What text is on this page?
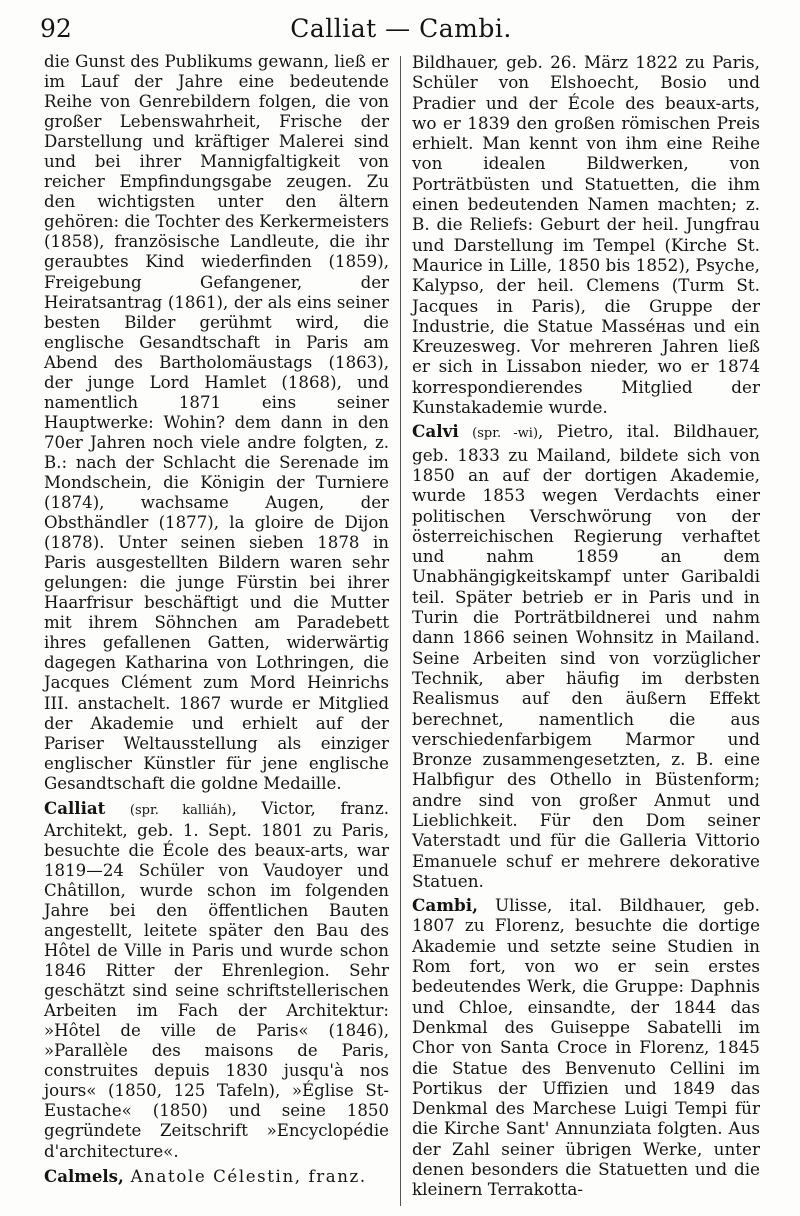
92	Calliat — Cambi.

die Gunst des Publikums gewann, ließ er im Lauf der Jahre eine bedeutende Reihe von Genrebildern folgen, die von großer Lebenswahrheit, Frische der Darstellung und kräftiger Malerei sind und bei ihrer Mannigfaltigkeit von reicher Empfindungsgabe zeugen. Zu den wichtigsten unter den ältern gehören: die Tochter des Kerkermeisters (1858), französische Landleute, die ihr geraubtes Kind wiederfinden (1859), Freigebung Gefangener, der Heiratsantrag (1861), der als eins seiner besten Bilder gerühmt wird, die englische Gesandtschaft in Paris am Abend des Bartholomäustags (1863), der junge Lord Hamlet (1868), und namentlich 1871 eins seiner Hauptwerke: Wohin? dem dann in den 70er Jahren noch viele andre folgten, z. B.: nach der Schlacht die Serenade im Mondschein, die Königin der Turniere (1874), wachsame Augen, der Obsthändler (1877), la gloire de Dijon (1878). Unter seinen sieben 1878 in Paris ausgestellten Bildern waren sehr gelungen: die junge Fürstin bei ihrer Haarfrisur beschäftigt und die Mutter mit ihrem Söhnchen am Paradebett ihres gefallenen Gatten, widerwärtig dagegen Katharina von Lothringen, die Jacques Clément zum Mord Heinrichs III. anstachelt. 1867 wurde er Mitglied der Akademie und erhielt auf der Pariser Weltausstellung als einziger englischer Künstler für jene englische Gesandtschaft die goldne Medaille.

Calliat (spr. kalliáh), Victor, franz. Architekt, geb. 1. Sept. 1801 zu Paris, besuchte die École des beaux-arts, war 1819—24 Schüler von Vaudoyer und Châtillon, wurde schon im folgenden Jahre bei den öffentlichen Bauten angestellt, leitete später den Bau des Hôtel de Ville in Paris und wurde schon 1846 Ritter der Ehrenlegion. Sehr geschätzt sind seine schriftstellerischen Arbeiten im Fach der Architektur: »Hôtel de ville de Paris« (1846), »Parallèle des maisons de Paris, construites depuis 1830 jusqu'à nos jours« (1850, 125 Tafeln), »Église St-Eustache« (1850) und seine 1850 gegründete Zeitschrift »Encyclopédie d'architecture«.

Calmels, Anatole Célestin, franz.

Bildhauer, geb. 26. März 1822 zu Paris, Schüler von Elshoecht, Bosio und Pradier und der École des beaux-arts, wo er 1839 den großen römischen Preis erhielt. Man kennt von ihm eine Reihe von idealen Bildwerken, von Porträtbüsten und Statuetten, die ihm einen bedeutenden Namen machten; z. B. die Reliefs: Geburt der heil. Jungfrau und Darstellung im Tempel (Kirche St. Maurice in Lille, 1850 bis 1852), Psyche, Kalypso, der heil. Clemens (Turm St. Jacques in Paris), die Gruppe der Industrie, die Statue Masséнas und ein Kreuzesweg. Vor mehreren Jahren ließ er sich in Lissabon nieder, wo er 1874 korrespondierendes Mitglied der Kunstakademie wurde.

Calvi (spr. -wi), Pietro, ital. Bildhauer, geb. 1833 zu Mailand, bildete sich von 1850 an auf der dortigen Akademie, wurde 1853 wegen Verdachts einer politischen Verschwörung von der österreichischen Regierung verhaftet und nahm 1859 an dem Unabhängigkeitskampf unter Garibaldi teil. Später betrieb er in Paris und in Turin die Porträtbildnerei und nahm dann 1866 seinen Wohnsitz in Mailand. Seine Arbeiten sind von vorzüglicher Technik, aber häufig im derbsten Realismus auf den äußern Effekt berechnet, namentlich die aus verschiedenfarbigem Marmor und Bronze zusammengesetzten, z. B. eine Halbfigur des Othello in Büstenform; andre sind von großer Anmut und Lieblichkeit. Für den Dom seiner Vaterstadt und für die Galleria Vittorio Emanuele schuf er mehrere dekorative Statuen.

Cambi, Ulisse, ital. Bildhauer, geb. 1807 zu Florenz, besuchte die dortige Akademie und setzte seine Studien in Rom fort, von wo er sein erstes bedeutendes Werk, die Gruppe: Daphnis und Chloe, einsandte, der 1844 das Denkmal des Guiseppe Sabatelli im Chor von Santa Croce in Florenz, 1845 die Statue des Benvenuto Cellini im Portikus der Uffizien und 1849 das Denkmal des Marchese Luigi Tempi für die Kirche Sant' Annunziata folgten. Aus der Zahl seiner übrigen Werke, unter denen besonders die Statuetten und die kleinern Terrakotta-
